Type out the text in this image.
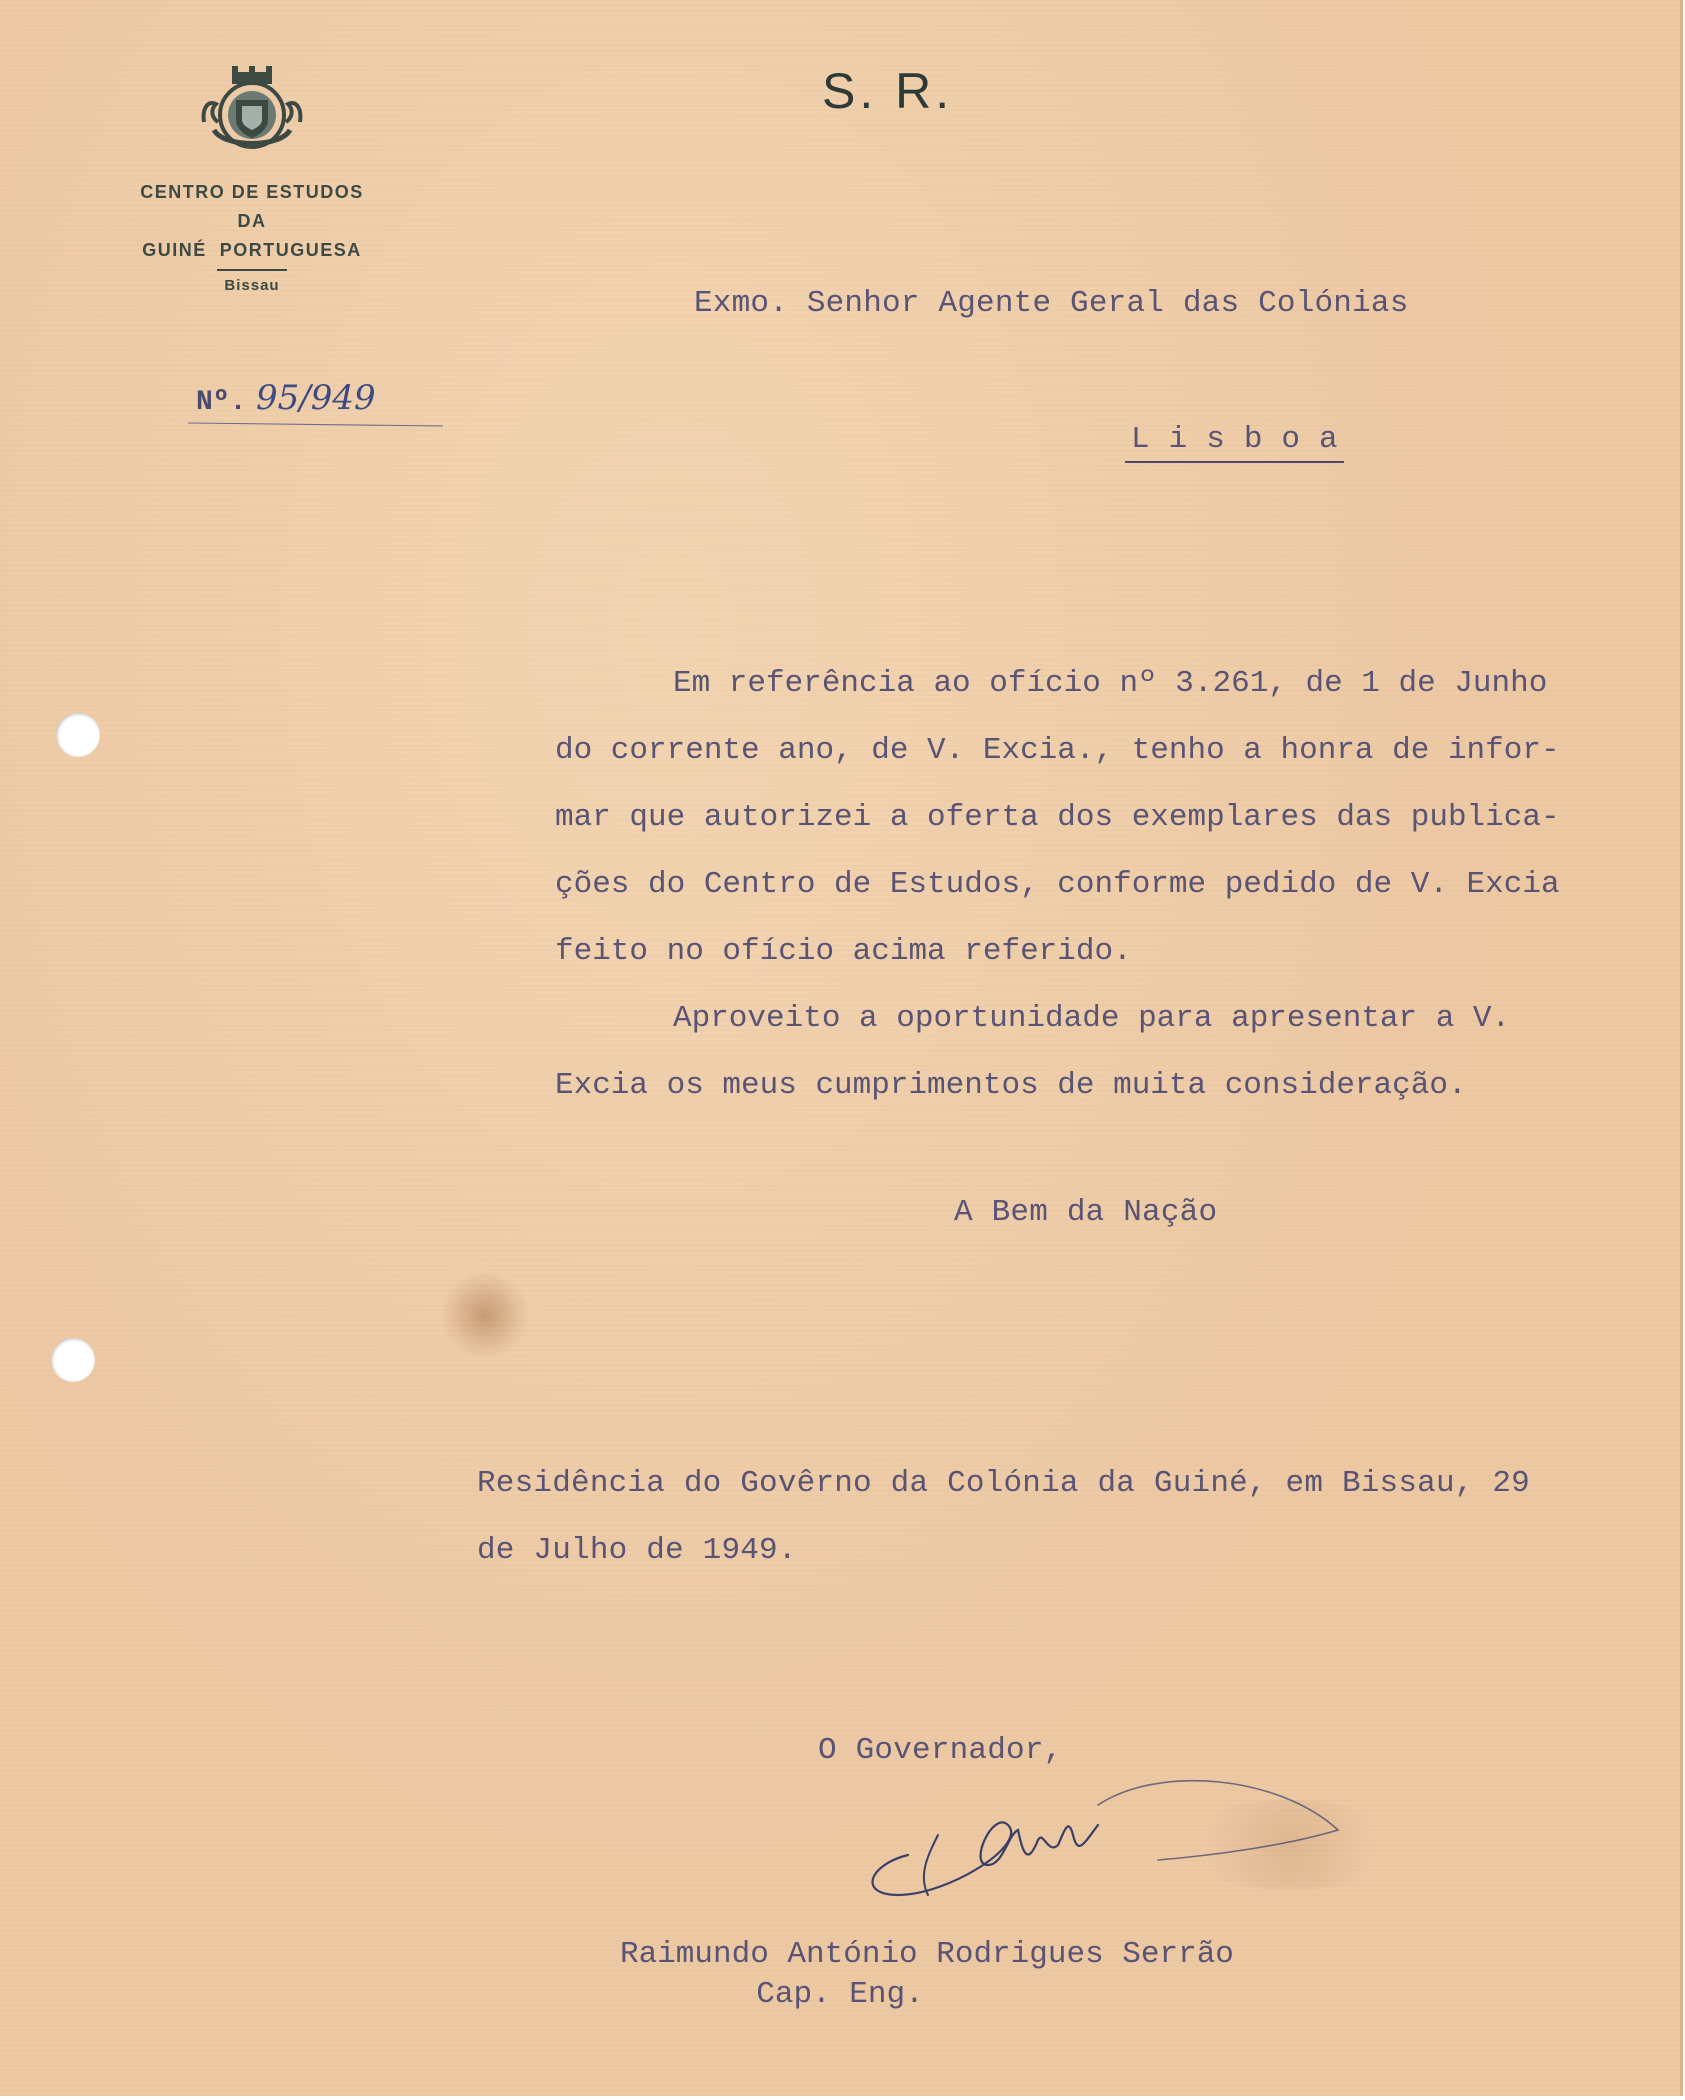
CENTRO DE ESTUDOS
DA
GUINÉ  PORTUGUESA
Bissau
S. R.
Nº. 95/949
Exmo. Senhor Agente Geral das Colónias
L i s b o a
Em referência ao ofício nº 3.261, de 1 de Junho
do corrente ano, de V. Excia., tenho a honra de infor-
mar que autorizei a oferta dos exemplares das publica-
ções do Centro de Estudos, conforme pedido de V. Excia
feito no ofício acima referido.
Aproveito a oportunidade para apresentar a V.
Excia os meus cumprimentos de muita consideração.
A Bem da Nação
Residência do Govêrno da Colónia da Guiné, em Bissau, 29
de Julho de 1949.
O Governador,
Raimundo António Rodrigues Serrão
Cap. Eng.
